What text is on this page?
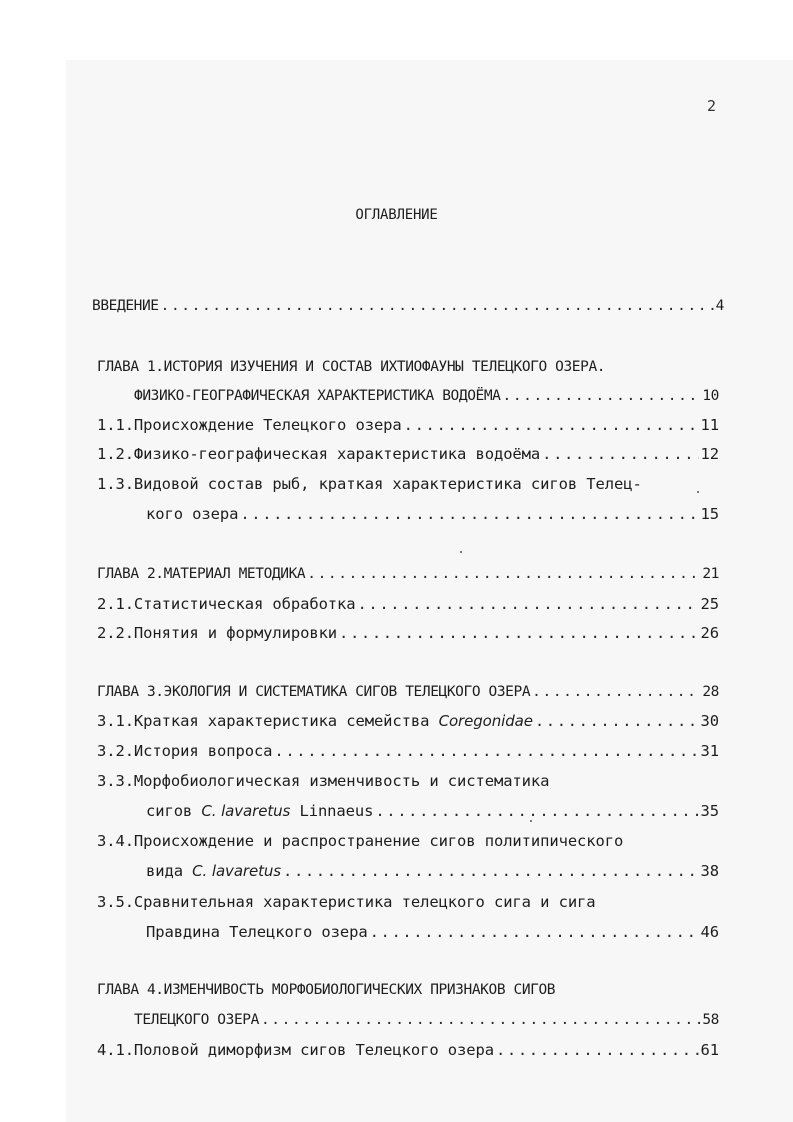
2
ОГЛАВЛЕНИЕ
ВВЕДЕНИЕ .....	4
ГЛАВА 1.ИСТОРИЯ ИЗУЧЕНИЯ И СОСТАВ ИХТИОФАУНЫ ТЕЛЕЦКОГО ОЗЕРА.
ФИЗИКО-ГЕОГРАФИЧЕСКАЯ ХАРАКТЕРИСТИКА ВОДОЁМА .....	10
1.1.Происхождение Телецкого озера .....	11
1.2.Физико-географическая характеристика водоёма .....	12
1.3.Видовой состав рыб, краткая характеристика сигов Телец-
кого озера .....	15
ГЛАВА 2.МАТЕРИАЛ МЕТОДИКА .....	21
2.1.Статистическая обработка .....	25
2.2.Понятия и формулировки .....	26
ГЛАВА 3.ЭКОЛОГИЯ И СИСТЕМАТИКА СИГОВ ТЕЛЕЦКОГО ОЗЕРА .....	28
3.1.Краткая характеристика семейства Coregonidae .....	30
3.2.История вопроса .....	31
3.3.Морфобиологическая изменчивость и систематика
сигов C. lavaretus Linnaeus .....	35
3.4.Происхождение и распространение сигов политипического
вида C. lavaretus .....	38
3.5.Сравнительная характеристика телецкого сига и сига
Правдина Телецкого озера .....	46
ГЛАВА 4.ИЗМЕНЧИВОСТЬ МОРФОБИОЛОГИЧЕСКИХ ПРИЗНАКОВ СИГОВ
ТЕЛЕЦКОГО ОЗЕРА .....	58
4.1.Половой диморфизм сигов Телецкого озера .....	61
